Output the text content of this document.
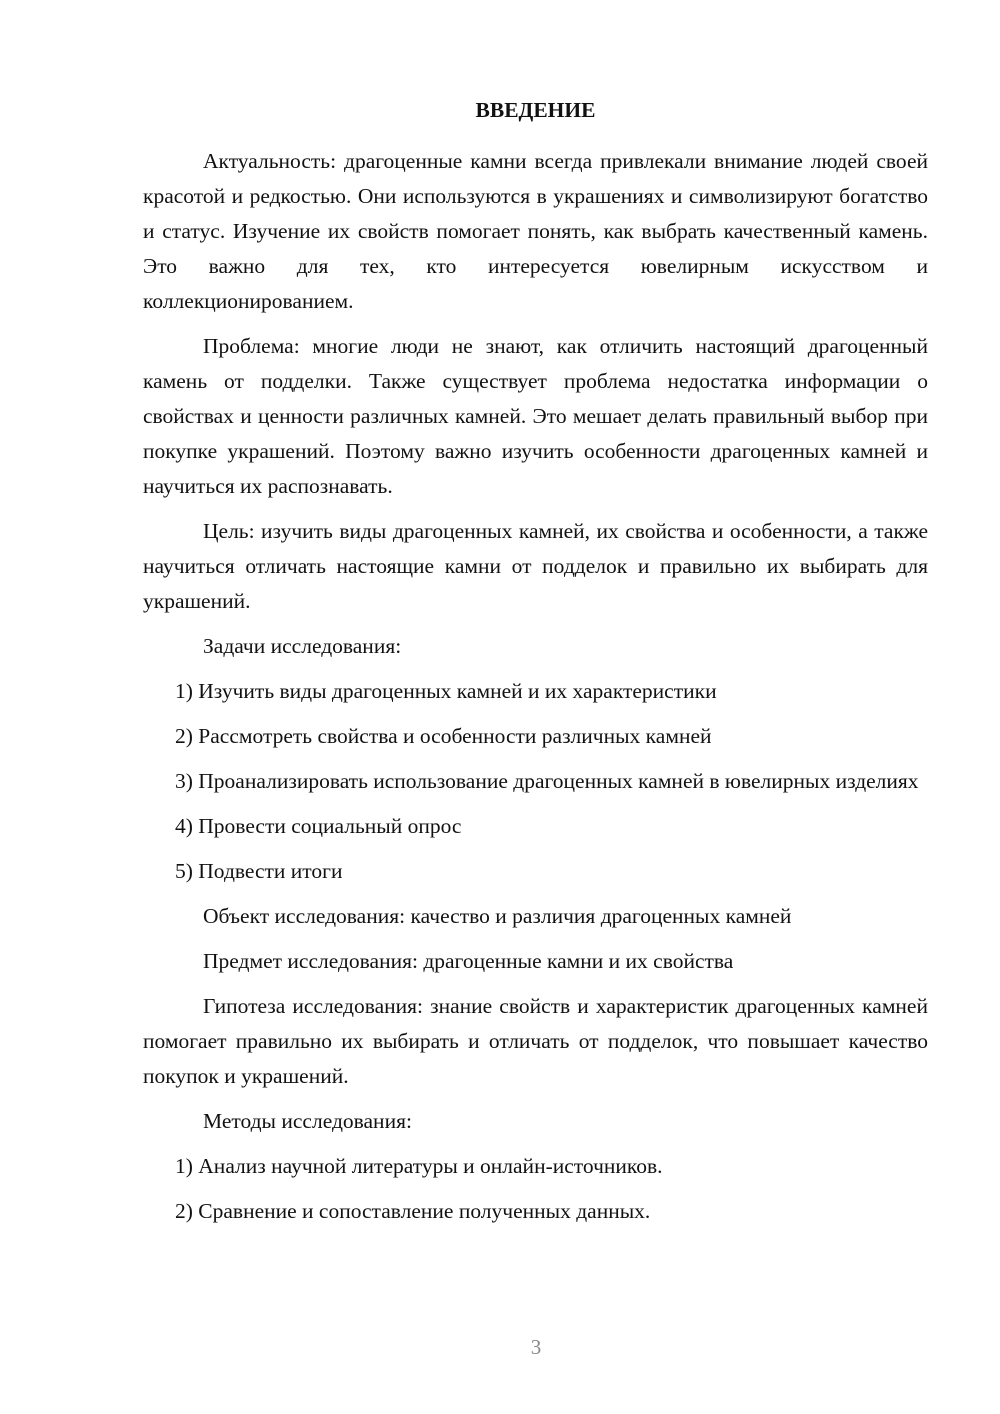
ВВЕДЕНИЕ

Актуальность: драгоценные камни всегда привлекали внимание людей своей красотой и редкостью. Они используются в украшениях и символизируют богатство и статус. Изучение их свойств помогает понять, как выбрать качественный камень. Это важно для тех, кто интересуется ювелирным искусством и коллекционированием.

Проблема: многие люди не знают, как отличить настоящий драгоценный камень от подделки. Также существует проблема недостатка информации о свойствах и ценности различных камней. Это мешает делать правильный выбор при покупке украшений. Поэтому важно изучить особенности драгоценных камней и научиться их распознавать.

Цель: изучить виды драгоценных камней, их свойства и особенности, а также научиться отличать настоящие камни от подделок и правильно их выбирать для украшений.

Задачи исследования:

1) Изучить виды драгоценных камней и их характеристики

2) Рассмотреть свойства и особенности различных камней

3) Проанализировать использование драгоценных камней в ювелирных изделиях

4) Провести социальный опрос

5) Подвести итоги

Объект исследования: качество и различия драгоценных камней

Предмет исследования: драгоценные камни и их свойства

Гипотеза исследования: знание свойств и характеристик драгоценных камней помогает правильно их выбирать и отличать от подделок, что повышает качество покупок и украшений.

Методы исследования:

1) Анализ научной литературы и онлайн-источников.

2) Сравнение и сопоставление полученных данных.

3
